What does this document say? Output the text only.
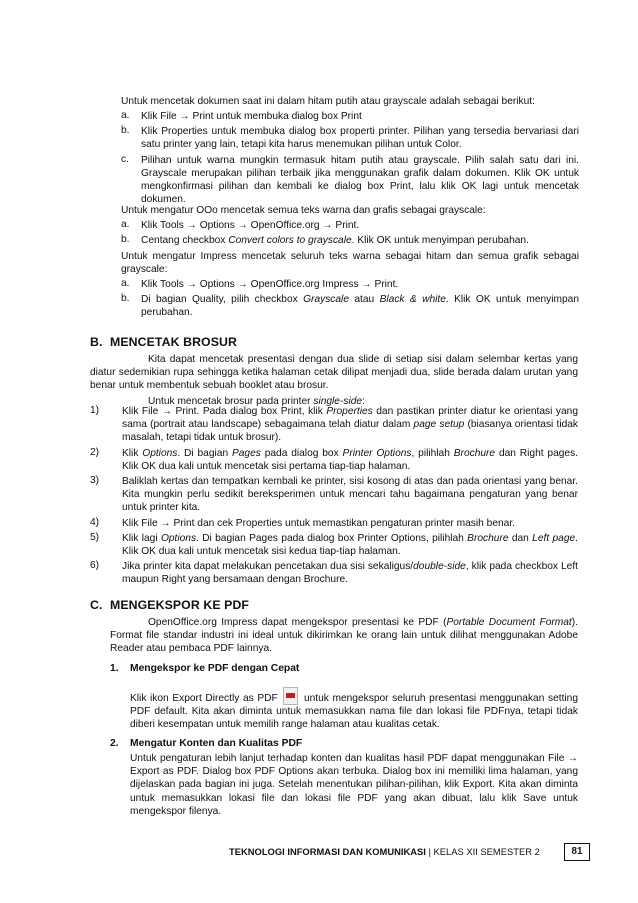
Untuk mencetak dokumen saat ini dalam hitam putih atau grayscale adalah sebagai berikut:

a. Klik File → Print untuk membuka dialog box Print

b. Klik Properties untuk membuka dialog box properti printer. Pilihan yang tersedia bervariasi dari satu printer yang lain, tetapi kita harus menemukan pilihan untuk Color.

c. Pilihan untuk warna mungkin termasuk hitam putih atau grayscale. Pilih salah satu dari ini. Grayscale merupakan pilihan terbaik jika menggunakan grafik dalam dokumen. Klik OK untuk mengkonfirmasi pilihan dan kembali ke dialog box Print, lalu klik OK lagi untuk mencetak dokumen.

Untuk mengatur OOo mencetak semua teks warna dan grafis sebagai grayscale:

a. Klik Tools → Options → OpenOffice.org → Print.

b. Centang checkbox Convert colors to grayscale. Klik OK untuk menyimpan perubahan.

Untuk mengatur Impress mencetak seluruh teks warna sebagai hitam dan semua grafik sebagai grayscale:

a. Klik Tools → Options → OpenOffice.org Impress → Print.

b. Di bagian Quality, pilih checkbox Grayscale atau Black & white. Klik OK untuk menyimpan perubahan.

B. MENCETAK BROSUR

Kita dapat mencetak presentasi dengan dua slide di setiap sisi dalam selembar kertas yang diatur sedemikian rupa sehingga ketika halaman cetak dilipat menjadi dua, slide berada dalam urutan yang benar untuk membentuk sebuah booklet atau brosur.

Untuk mencetak brosur pada printer single-side:

1) Klik File → Print. Pada dialog box Print, klik Properties dan pastikan printer diatur ke orientasi yang sama (portrait atau landscape) sebagaimana telah diatur dalam page setup (biasanya orientasi tidak masalah, tetapi tidak untuk brosur).

2) Klik Options. Di bagian Pages pada dialog box Printer Options, pilihlah Brochure dan Right pages. Klik OK dua kali untuk mencetak sisi pertama tiap-tiap halaman.

3) Baliklah kertas dan tempatkan kembali ke printer, sisi kosong di atas dan pada orientasi yang benar. Kita mungkin perlu sedikit bereksperimen untuk mencari tahu bagaimana pengaturan yang benar untuk printer kita.

4) Klik File → Print dan cek Properties untuk memastikan pengaturan printer masih benar.

5) Klik lagi Options. Di bagian Pages pada dialog box Printer Options, pilihlah Brochure dan Left page. Klik OK dua kali untuk mencetak sisi kedua tiap-tiap halaman.

6) Jika printer kita dapat melakukan pencetakan dua sisi sekaligus/double-side, klik pada checkbox Left maupun Right yang bersamaan dengan Brochure.

C. MENGEKSPOR KE PDF

OpenOffice.org Impress dapat mengekspor presentasi ke PDF (Portable Document Format). Format file standar industri ini ideal untuk dikirimkan ke orang lain untuk dilihat menggunakan Adobe Reader atau pembaca PDF lainnya.

1. Mengekspor ke PDF dengan Cepat

Klik ikon Export Directly as PDF	untuk mengekspor seluruh presentasi menggunakan setting PDF default. Kita akan diminta untuk memasukkan nama file dan lokasi file PDFnya, tetapi tidak diberi kesempatan untuk memilih range halaman atau kualitas cetak.

2. Mengatur Konten dan Kualitas PDF

Untuk pengaturan lebih lanjut terhadap konten dan kualitas hasil PDF dapat menggunakan File → Export as PDF. Dialog box PDF Options akan terbuka. Dialog box ini memiliki lima halaman, yang dijelaskan pada bagian ini juga. Setelah menentukan pilihan-pilihan, klik Export. Kita akan diminta untuk memasukkan lokasi file dan lokasi file PDF yang akan dibuat, lalu klik Save untuk mengekspor filenya.

TEKNOLOGI INFORMASI DAN KOMUNIKASI | KELAS XII SEMESTER 2	81
